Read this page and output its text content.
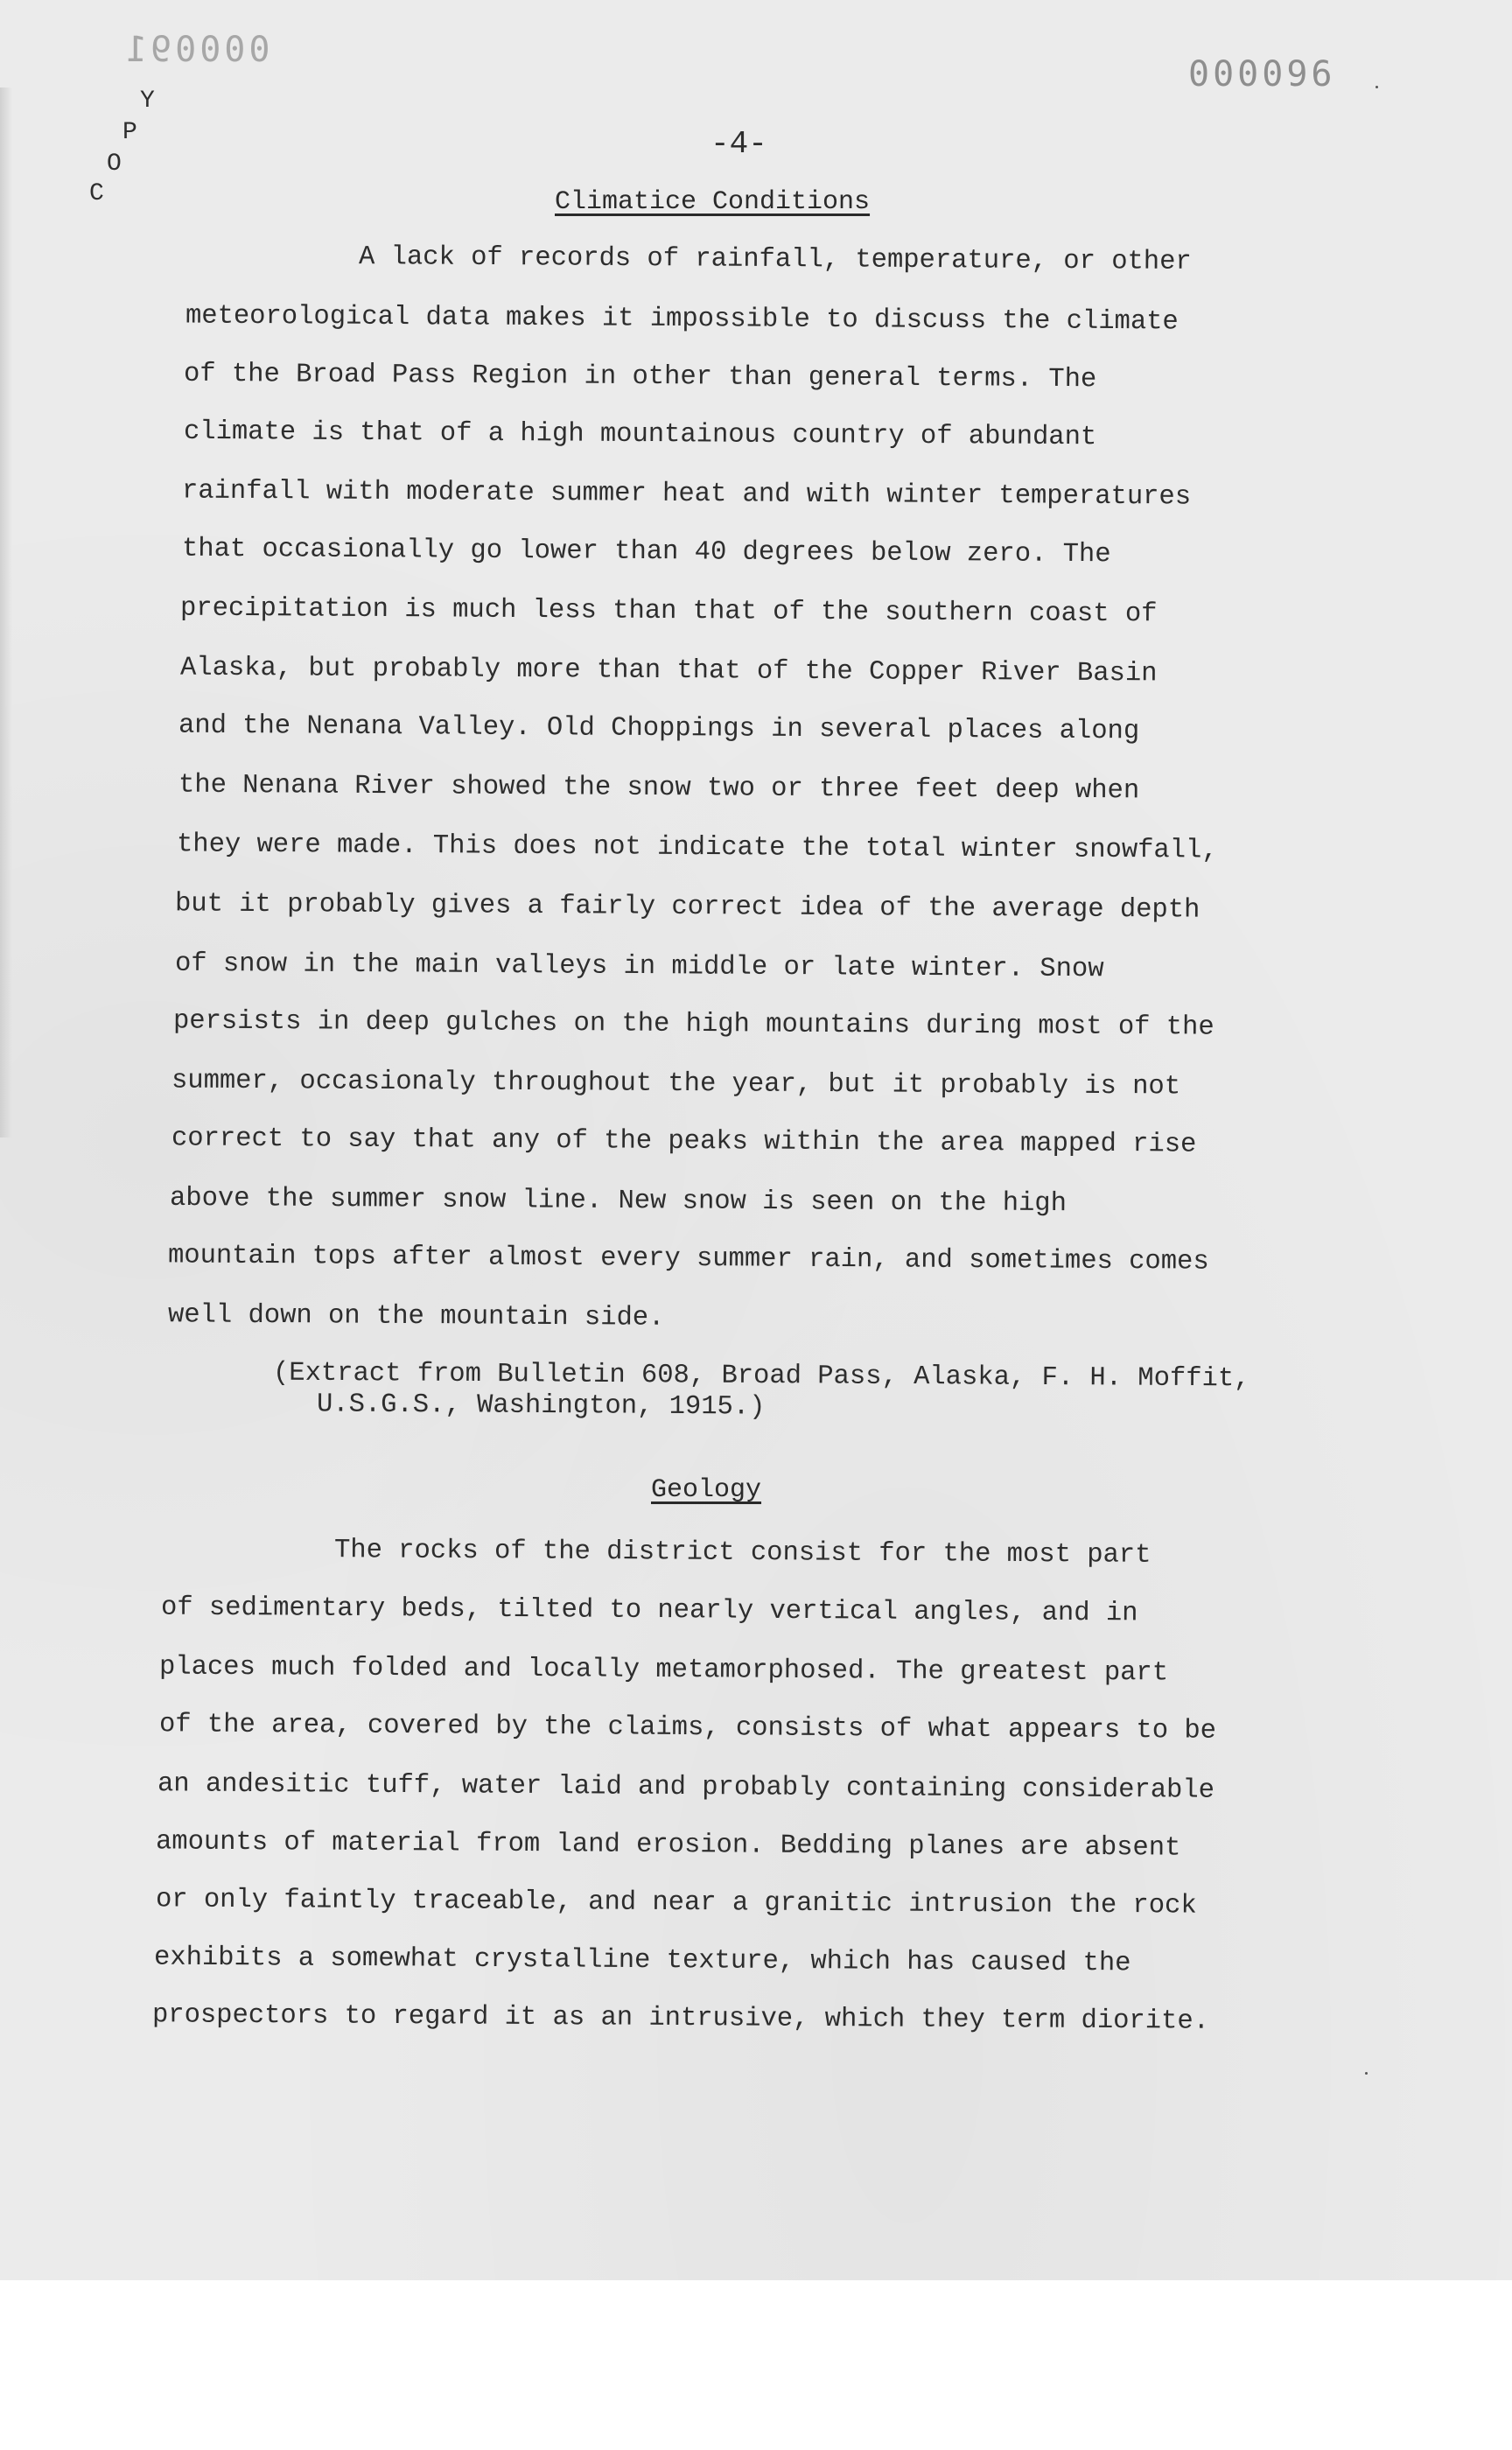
000091
000096
Y
P
O
C
-4-
Climatice Conditions
A lack of records of rainfall, temperature, or other
meteorological data makes it impossible to discuss the climate
of the Broad Pass Region in other than general terms. The
climate is that of a high mountainous country of abundant
rainfall with moderate summer heat and with winter temperatures
that occasionally go lower than 40 degrees below zero. The
precipitation is much less than that of the southern coast of
Alaska, but probably more than that of the Copper River Basin
and the Nenana Valley. Old Choppings in several places along
the Nenana River showed the snow two or three feet deep when
they were made. This does not indicate the total winter snowfall,
but it probably gives a fairly correct idea of the average depth
of snow in the main valleys in middle or late winter. Snow
persists in deep gulches on the high mountains during most of the
summer, occasionaly throughout the year, but it probably is not
correct to say that any of the peaks within the area mapped rise
above the summer snow line. New snow is seen on the high
mountain tops after almost every summer rain, and sometimes comes
well down on the mountain side.
(Extract from Bulletin 608, Broad Pass, Alaska, F. H. Moffit,
U.S.G.S., Washington, 1915.)
Geology
The rocks of the district consist for the most part
of sedimentary beds, tilted to nearly vertical angles, and in
places much folded and locally metamorphosed. The greatest part
of the area, covered by the claims, consists of what appears to be
an andesitic tuff, water laid and probably containing considerable
amounts of material from land erosion. Bedding planes are absent
or only faintly traceable, and near a granitic intrusion the rock
exhibits a somewhat crystalline texture, which has caused the
prospectors to regard it as an intrusive, which they term diorite.
